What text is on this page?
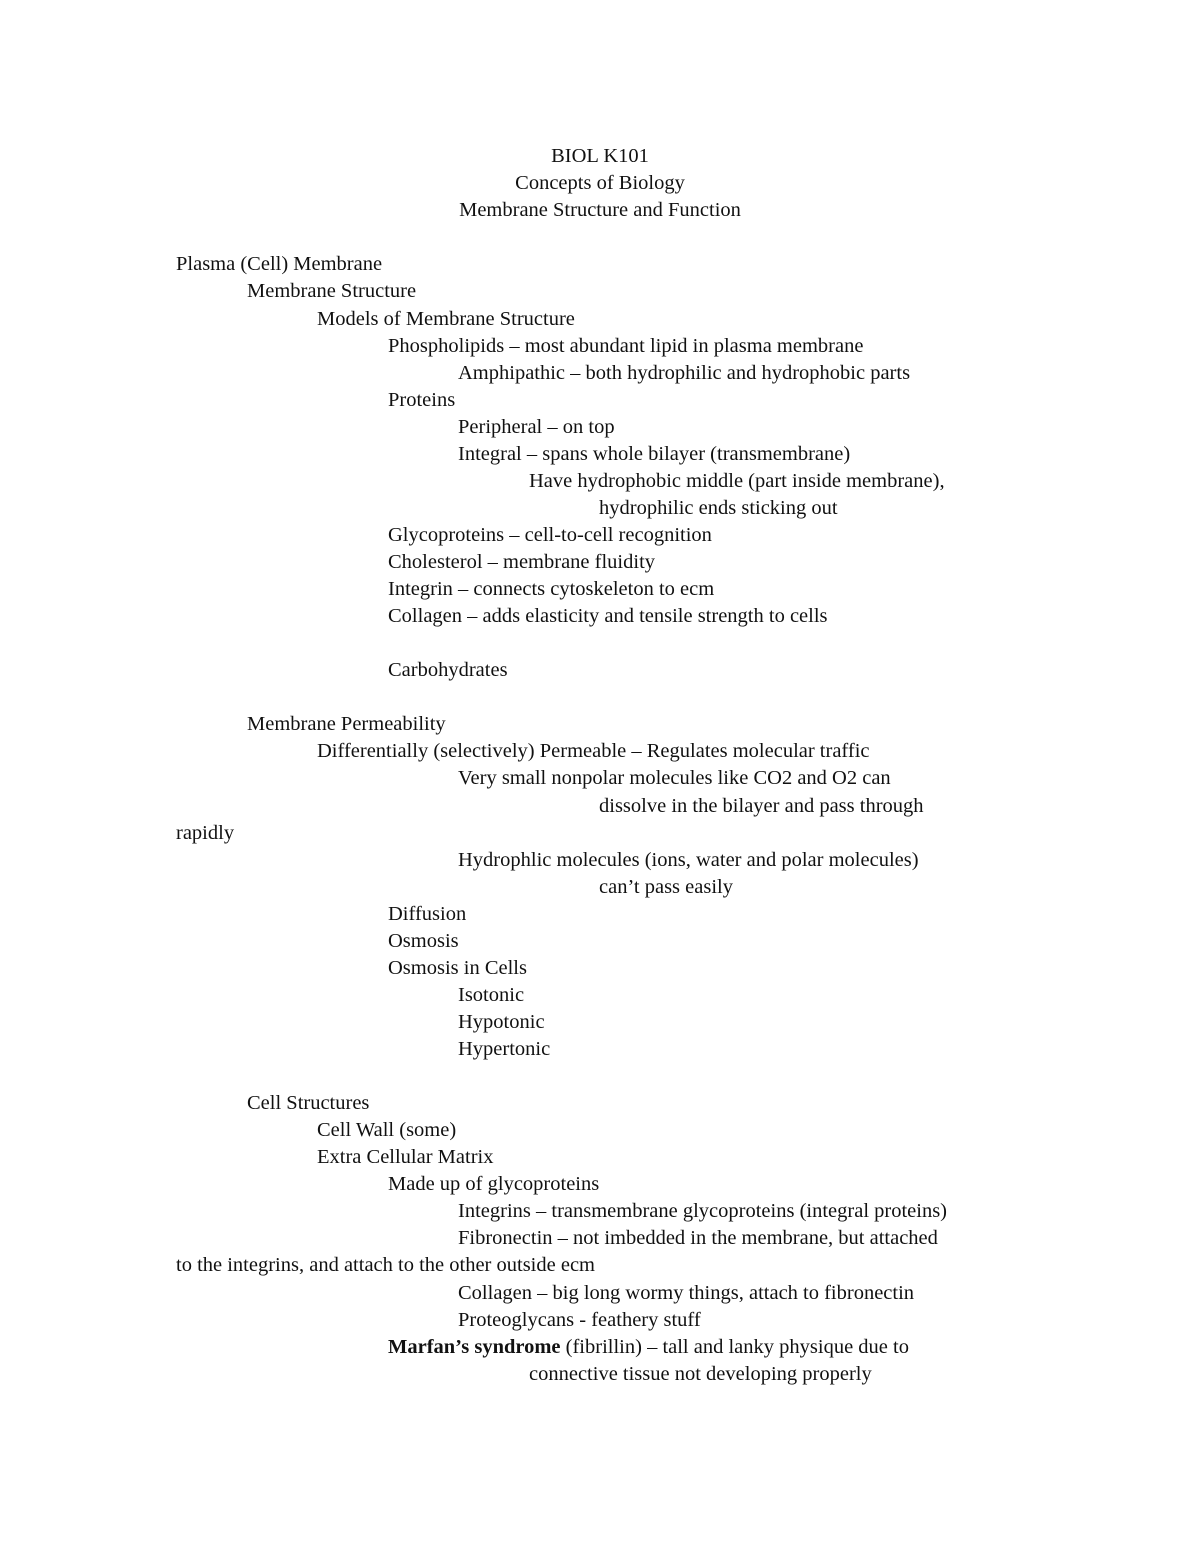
BIOL K101
Concepts of Biology
Membrane Structure and Function
Plasma (Cell) Membrane
Membrane Structure
Models of Membrane Structure
Phospholipids – most abundant lipid in plasma membrane
Amphipathic – both hydrophilic and hydrophobic parts
Proteins
Peripheral – on top
Integral – spans whole bilayer (transmembrane)
Have hydrophobic middle (part inside membrane),
hydrophilic ends sticking out
Glycoproteins – cell-to-cell recognition
Cholesterol – membrane fluidity
Integrin – connects cytoskeleton to ecm
Collagen – adds elasticity and tensile strength to cells
Carbohydrates
Membrane Permeability
Differentially (selectively) Permeable – Regulates molecular traffic
Very small nonpolar molecules like CO2 and O2 can
dissolve in the bilayer and pass through
rapidly
Hydrophlic molecules (ions, water and polar molecules)
can’t pass easily
Diffusion
Osmosis
Osmosis in Cells
Isotonic
Hypotonic
Hypertonic
Cell Structures
Cell Wall (some)
Extra Cellular Matrix
Made up of glycoproteins
Integrins – transmembrane glycoproteins (integral proteins)
Fibronectin – not imbedded in the membrane, but attached
to the integrins, and attach to the other outside ecm
Collagen – big long wormy things, attach to fibronectin
Proteoglycans - feathery stuff
Marfan’s syndrome (fibrillin) – tall and lanky physique due to
connective tissue not developing properly
